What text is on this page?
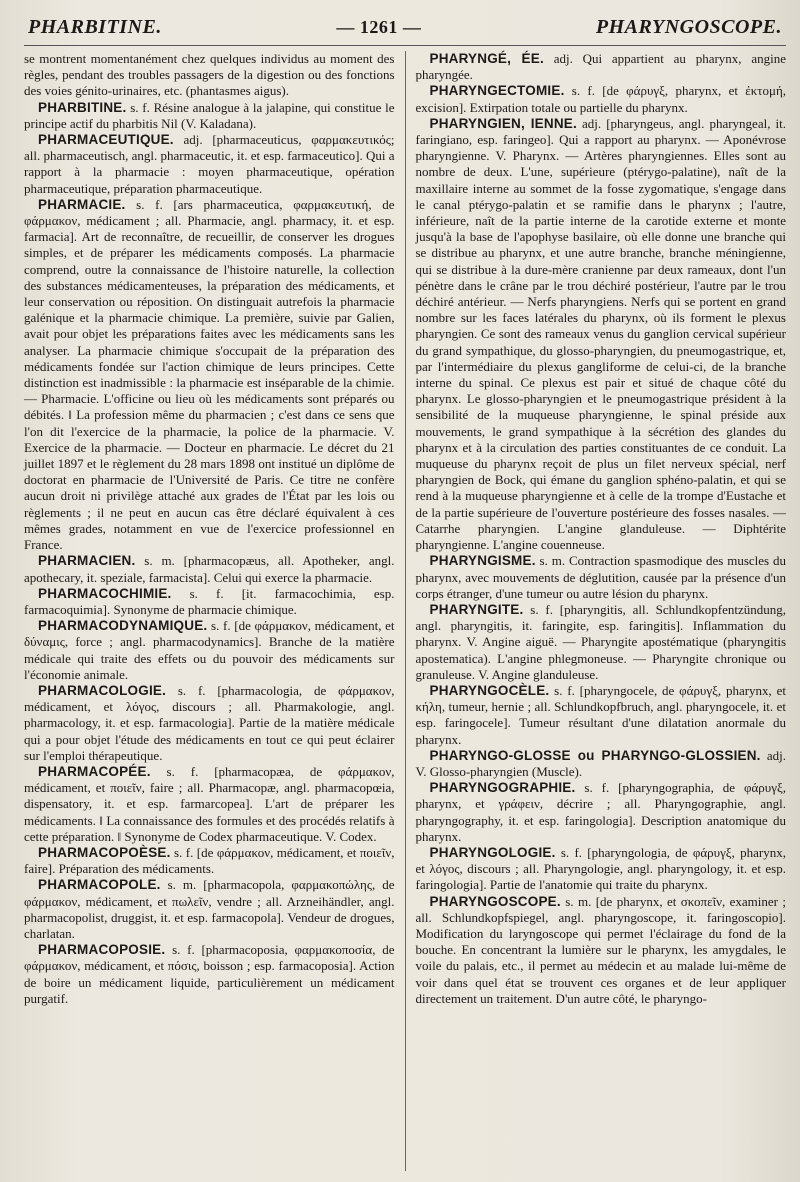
PHARBITINE.	— 1261 —	PHARYNGOSCOPE.

se montrent momentanément chez quelques individus au moment des règles, pendant des troubles passagers de la digestion ou des fonctions des voies génito-urinaires, etc. (phantasmes aigus).

PHARBITINE. s. f. Résine analogue à la jalapine, qui constitue le principe actif du pharbitis Nil (V. Kaladana).

PHARMACEUTIQUE. adj. [pharmaceuticus, φαρμακευτικός; all. pharmaceutisch, angl. pharmaceutic, it. et esp. farmaceutico]. Qui a rapport à la pharmacie : moyen pharmaceutique, opération pharmaceutique, préparation pharmaceutique.

PHARMACIE. s. f. [ars pharmaceutica, φαρμακευτική, de φάρμακον, médicament ; all. Pharmacie, angl. pharmacy, it. et esp. farmacia]. Art de reconnaître, de recueillir, de conserver les drogues simples, et de préparer les médicaments composés. La pharmacie comprend, outre la connaissance de l'histoire naturelle, la collection des substances médicamenteuses, la préparation des médicaments, et leur conservation ou réposition. On distinguait autrefois la pharmacie galénique et la pharmacie chimique. La première, suivie par Galien, avait pour objet les préparations faites avec les médicaments sans les analyser. La pharmacie chimique s'occupait de la préparation des médicaments fondée sur l'action chimique de leurs principes. Cette distinction est inadmissible : la pharmacie est inséparable de la chimie. — Pharmacie. L'officine ou lieu où les médicaments sont préparés ou débités. ‖ La profession même du pharmacien ; c'est dans ce sens que l'on dit l'exercice de la pharmacie, la police de la pharmacie. V. Exercice de la pharmacie. — Docteur en pharmacie. Le décret du 21 juillet 1897 et le règlement du 28 mars 1898 ont institué un diplôme de doctorat en pharmacie de l'Université de Paris. Ce titre ne confère aucun droit ni privilège attaché aux grades de l'État par les lois ou règlements ; il ne peut en aucun cas être déclaré équivalent à ces mêmes grades, notamment en vue de l'exercice professionnel en France.

PHARMACIEN. s. m. [pharmacopæus, all. Apotheker, angl. apothecary, it. speziale, farmacista]. Celui qui exerce la pharmacie.

PHARMACOCHIMIE. s. f. [it. farmacochimia, esp. farmacoquimia]. Synonyme de pharmacie chimique.

PHARMACODYNAMIQUE. s. f. [de φάρμακον, médicament, et δύναμις, force ; angl. pharmacodynamics]. Branche de la matière médicale qui traite des effets ou du pouvoir des médicaments sur l'économie animale.

PHARMACOLOGIE. s. f. [pharmacologia, de φάρμακον, médicament, et λόγος, discours ; all. Pharmakologie, angl. pharmacology, it. et esp. farmacologia]. Partie de la matière médicale qui a pour objet l'étude des médicaments en tout ce qui peut éclairer sur l'emploi thérapeutique.

PHARMACOPÉE. s. f. [pharmacopæa, de φάρμακον, médicament, et ποιεῖν, faire ; all. Pharmacopæ, angl. pharmacopœia, dispensatory, it. et esp. farmarcopea]. L'art de préparer les médicaments. ‖ La connaissance des formules et des procédés relatifs à cette préparation. ‖ Synonyme de Codex pharmaceutique. V. Codex.

PHARMACOPOÈSE. s. f. [de φάρμακον, médicament, et ποιεῖν, faire]. Préparation des médicaments.

PHARMACOPOLE. s. m. [pharmacopola, φαρμακοπώλης, de φάρμακον, médicament, et πωλεῖν, vendre ; all. Arzneihändler, angl. pharmacopolist, druggist, it. et esp. farmacopola]. Vendeur de drogues, charlatan.

PHARMACOPOSIE. s. f. [pharmacoposia, φαρμακοποσία, de φάρμακον, médicament, et πόσις, boisson ; esp. farmacoposia]. Action de boire un médicament liquide, particulièrement un médicament purgatif.

PHARYNGÉ, ÉE. adj. Qui appartient au pharynx, angine pharyngée.

PHARYNGECTOMIE. s. f. [de φάρυγξ, pharynx, et ἐκτομή, excision]. Extirpation totale ou partielle du pharynx.

PHARYNGIEN, IENNE. adj. [pharyngeus, angl. pharyngeal, it. faringiano, esp. faringeo]. Qui a rapport au pharynx. — Aponévrose pharyngienne. V. Pharynx. — Artères pharyngiennes. Elles sont au nombre de deux. L'une, supérieure (ptérygo-palatine), naît de la maxillaire interne au sommet de la fosse zygomatique, s'engage dans le canal ptérygo-palatin et se ramifie dans le pharynx ; l'autre, inférieure, naît de la partie interne de la carotide externe et monte jusqu'à la base de l'apophyse basilaire, où elle donne une branche qui se distribue au pharynx, et une autre branche, branche méningienne, qui se distribue à la dure-mère cranienne par deux rameaux, dont l'un pénètre dans le crâne par le trou déchiré postérieur, l'autre par le trou déchiré antérieur. — Nerfs pharyngiens. Nerfs qui se portent en grand nombre sur les faces latérales du pharynx, où ils forment le plexus pharyngien. Ce sont des rameaux venus du ganglion cervical supérieur du grand sympathique, du glosso-pharyngien, du pneumogastrique, et, par l'intermédiaire du plexus gangliforme de celui-ci, de la branche interne du spinal. Ce plexus est pair et situé de chaque côté du pharynx. Le glosso-pharyngien et le pneumogastrique président à la sensibilité de la muqueuse pharyngienne, le spinal préside aux mouvements, le grand sympathique à la sécrétion des glandes du pharynx et à la circulation des parties constituantes de ce conduit. La muqueuse du pharynx reçoit de plus un filet nerveux spécial, nerf pharyngien de Bock, qui émane du ganglion sphéno-palatin, et qui se rend à la muqueuse pharyngienne et à celle de la trompe d'Eustache et de la partie supérieure de l'ouverture postérieure des fosses nasales. — Catarrhe pharyngien. L'angine glanduleuse. — Diphtérite pharyngienne. L'angine couenneuse.

PHARYNGISME. s. m. Contraction spasmodique des muscles du pharynx, avec mouvements de déglutition, causée par la présence d'un corps étranger, d'une tumeur ou autre lésion du pharynx.

PHARYNGITE. s. f. [pharyngitis, all. Schlundkopfentzündung, angl. pharyngitis, it. faringite, esp. faringitis]. Inflammation du pharynx. V. Angine aiguë. — Pharyngite apostématique (pharyngitis apostematica). L'angine phlegmoneuse. — Pharyngite chronique ou granuleuse. V. Angine glanduleuse.

PHARYNGOCÈLE. s. f. [pharyngocele, de φάρυγξ, pharynx, et κήλη, tumeur, hernie ; all. Schlundkopfbruch, angl. pharyngocele, it. et esp. faringocele]. Tumeur résultant d'une dilatation anormale du pharynx.

PHARYNGO-GLOSSE ou PHARYNGO-GLOSSIEN. adj. V. Glosso-pharyngien (Muscle).

PHARYNGOGRAPHIE. s. f. [pharyngographia, de φάρυγξ, pharynx, et γράφειν, décrire ; all. Pharyngographie, angl. pharyngography, it. et esp. faringologia]. Description anatomique du pharynx.

PHARYNGOLOGIE. s. f. [pharyngologia, de φάρυγξ, pharynx, et λόγος, discours ; all. Pharyngologie, angl. pharyngology, it. et esp. faringologia]. Partie de l'anatomie qui traite du pharynx.

PHARYNGOSCOPE. s. m. [de pharynx, et σκοπεῖν, examiner ; all. Schlundkopfspiegel, angl. pharyngoscope, it. faringoscopio]. Modification du laryngoscope qui permet l'éclairage du fond de la bouche. En concentrant la lumière sur le pharynx, les amygdales, le voile du palais, etc., il permet au médecin et au malade lui-même de voir dans quel état se trouvent ces organes et de leur appliquer directement un traitement. D'un autre côté, le pharyngo-
